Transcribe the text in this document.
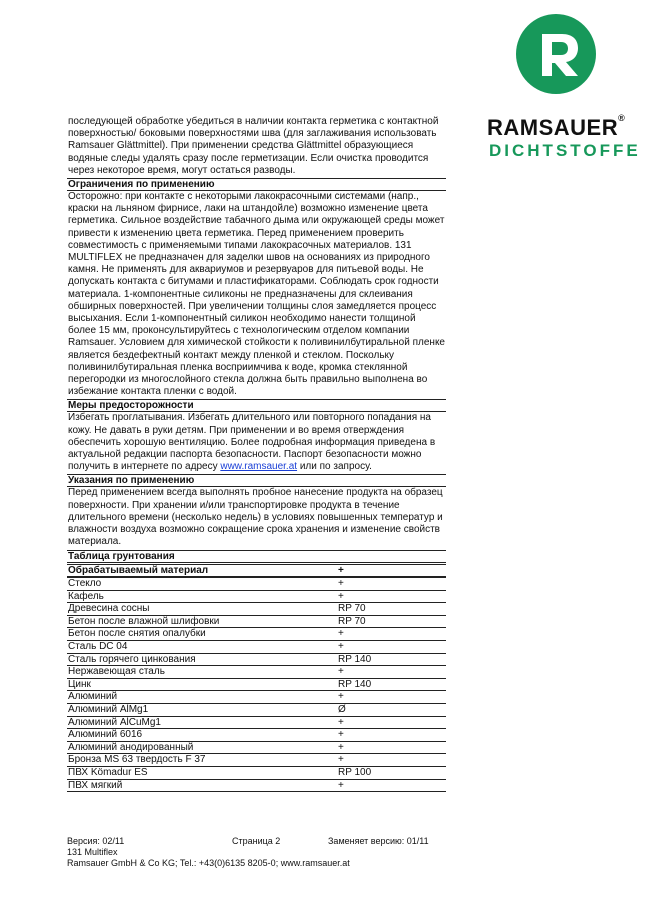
RAMSAUER®
DICHTSTOFFE

последующей обработке убедиться в наличии контакта герметика с контактной поверхностью/ боковыми поверхностями шва (для заглаживания использовать Ramsauer Glättmittel). При применении средства Glättmittel образующиеся водяные следы удалять сразу после герметизации. Если очистка проводится через некоторое время, могут остаться разводы.

Ограничения по применению

Осторожно: при контакте с некоторыми лакокрасочными системами (напр., краски на льняном фирнисе, лаки на штандойле) возможно изменение цвета герметика. Сильное воздействие табачного дыма или окружающей среды может привести к изменению цвета герметика. Перед применением проверить совместимость с применяемыми типами лакокрасочных материалов. 131 MULTIFLEX не предназначен для заделки швов на основаниях из природного камня. Не применять для аквариумов и резервуаров для питьевой воды. Не допускать контакта с битумами и пластификаторами. Соблюдать срок годности материала. 1-компонентные силиконы не предназначены для склеивания обширных поверхностей. При увеличении толщины слоя замедляется процесс высыхания. Если 1-компонентный силикон необходимо нанести толщиной более 15 мм, проконсультируйтесь с технологическим отделом компании Ramsauer. Условием для химической стойкости к поливинилбутиральной пленке является бездефектный контакт между пленкой и стеклом. Поскольку поливинилбутиральная пленка восприимчива к воде, кромка стеклянной перегородки из многослойного стекла должна быть правильно выполнена во избежание контакта пленки с водой.

Меры предосторожности

Избегать проглатывания. Избегать длительного или повторного попадания на кожу. Не давать в руки детям. При применении и во время отверждения обеспечить хорошую вентиляцию. Более подробная информация приведена в актуальной редакции паспорта безопасности. Паспорт безопасности можно получить в интернете по адресу www.ramsauer.at или по запросу.

Указания по применению

Перед применением всегда выполнять пробное нанесение продукта на образец поверхности. При хранении и/или транспортировке продукта в течение длительного времени (несколько недель) в условиях повышенных температур и влажности воздуха возможно сокращение срока хранения и изменение свойств материала.

Таблица грунтования
Обрабатываемый материал	+
Стекло	+
Кафель	+
Древесина сосны	RP 70
Бетон после влажной шлифовки	RP 70
Бетон после снятия опалубки	+
Сталь DC 04	+
Сталь горячего цинкования	RP 140
Нержавеющая сталь	+
Цинк	RP 140
Алюминий	+
Алюминий AlMg1	Ø
Алюминий AlCuMg1	+
Алюминий 6016	+
Алюминий анодированный	+
Бронза MS 63 твердость F 37	+
ПВХ Kömadur ES	RP 100
ПВХ мягкий	+
Версия: 02/11	Страница 2	Заменяет версию: 01/11
131 Multiflex
Ramsauer GmbH & Co KG; Tel.: +43(0)6135 8205-0; www.ramsauer.at
